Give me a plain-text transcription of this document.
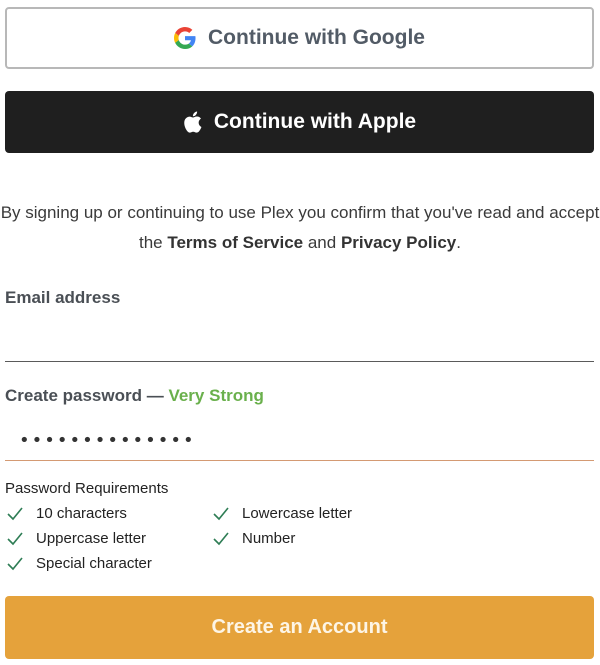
Continue with Google
Continue with Apple
By signing up or continuing to use Plex you confirm that you've read and accept the Terms of Service and Privacy Policy.
Email address
Create password — Very Strong
••••••••••••••
Password Requirements
10 characters	Lowercase letter
Uppercase letter	Number
Special character
Create an Account
